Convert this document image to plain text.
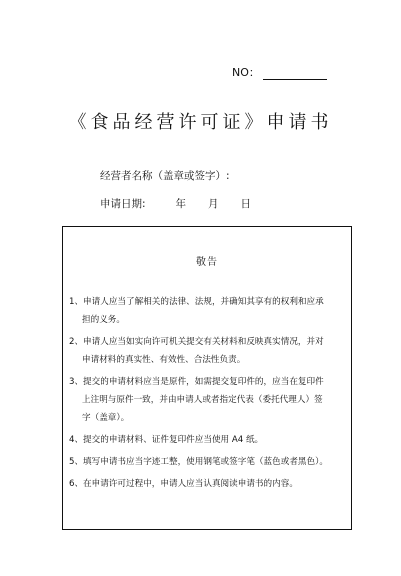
NO：
《食品经营许可证》申请书
经营者名称（盖章或签字）:
申请日期:	年 月 日
敬告
1、申请人应当了解相关的法律、法规，并确知其享有的权利和应承
担的义务。
2、申请人应当如实向许可机关提交有关材料和反映真实情况，并对
申请材料的真实性、有效性、合法性负责。
3、提交的申请材料应当是原件，如需提交复印件的，应当在复印件
上注明与原件一致，并由申请人或者指定代表（委托代理人）签
字（盖章）。
4、提交的申请材料、证件复印件应当使用 A4 纸。
5、填写申请书应当字迹工整，使用钢笔或签字笔（蓝色或者黑色）。
6、在申请许可过程中，申请人应当认真阅读申请书的内容。
